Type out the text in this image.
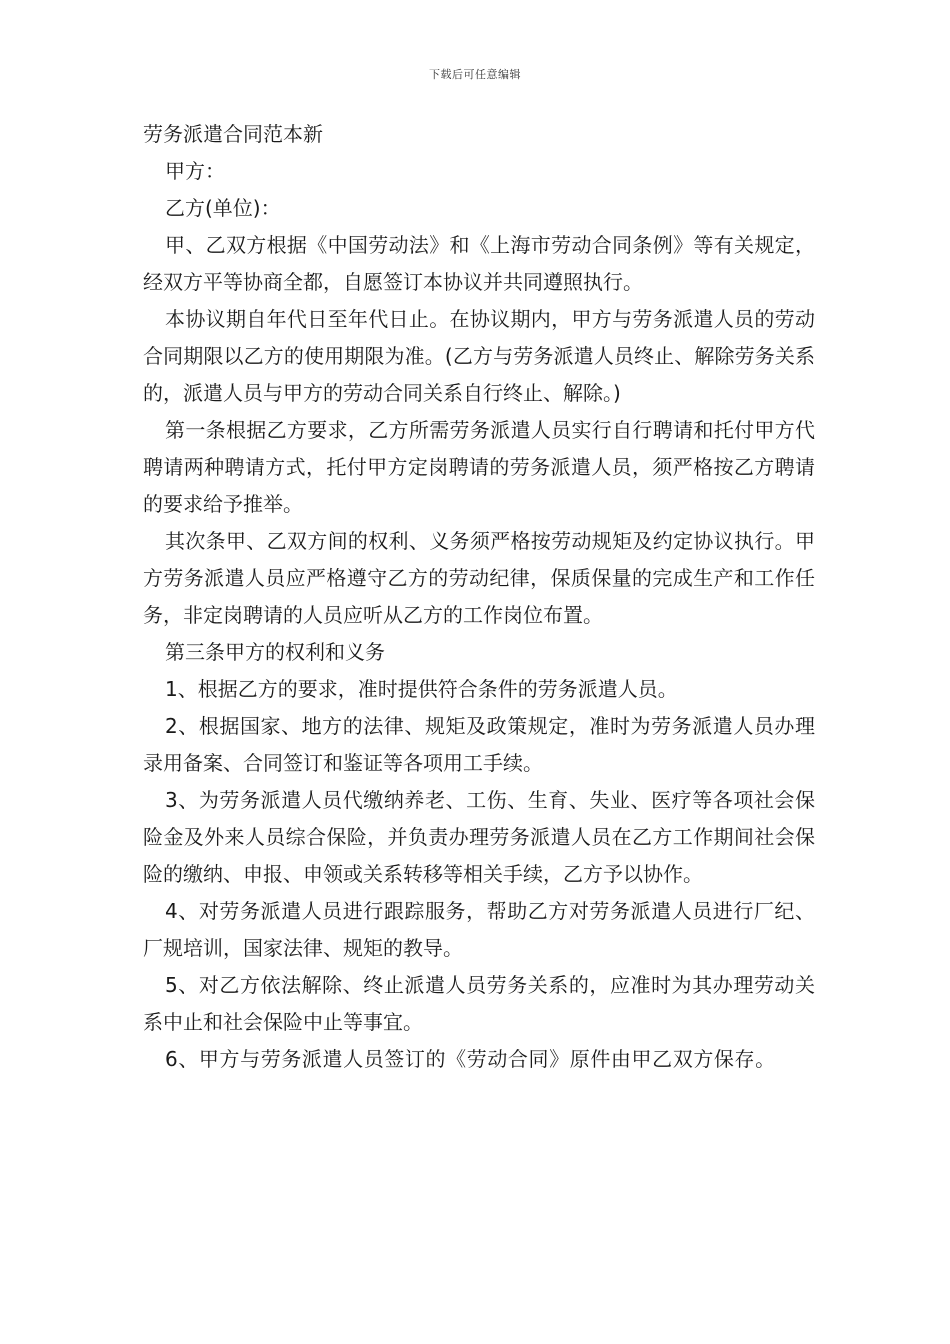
下载后可任意编辑

劳务派遣合同范本新

甲方：

乙方(单位)：

甲、乙双方根据《中国劳动法》和《上海市劳动合同条例》等有关规定，经双方平等协商全都，自愿签订本协议并共同遵照执行。

本协议期自年代日至年代日止。在协议期内，甲方与劳务派遣人员的劳动合同期限以乙方的使用期限为准。(乙方与劳务派遣人员终止、解除劳务关系的，派遣人员与甲方的劳动合同关系自行终止、解除。)

第一条根据乙方要求，乙方所需劳务派遣人员实行自行聘请和托付甲方代聘请两种聘请方式，托付甲方定岗聘请的劳务派遣人员，须严格按乙方聘请的要求给予推举。

其次条甲、乙双方间的权利、义务须严格按劳动规矩及约定协议执行。甲方劳务派遣人员应严格遵守乙方的劳动纪律，保质保量的完成生产和工作任务，非定岗聘请的人员应听从乙方的工作岗位布置。

第三条甲方的权利和义务

1、根据乙方的要求，准时提供符合条件的劳务派遣人员。

2、根据国家、地方的法律、规矩及政策规定，准时为劳务派遣人员办理录用备案、合同签订和鉴证等各项用工手续。

3、为劳务派遣人员代缴纳养老、工伤、生育、失业、医疗等各项社会保险金及外来人员综合保险，并负责办理劳务派遣人员在乙方工作期间社会保险的缴纳、申报、申领或关系转移等相关手续，乙方予以协作。

4、对劳务派遣人员进行跟踪服务，帮助乙方对劳务派遣人员进行厂纪、厂规培训，国家法律、规矩的教导。

5、对乙方依法解除、终止派遣人员劳务关系的，应准时为其办理劳动关系中止和社会保险中止等事宜。

6、甲方与劳务派遣人员签订的《劳动合同》原件由甲乙双方保存。
